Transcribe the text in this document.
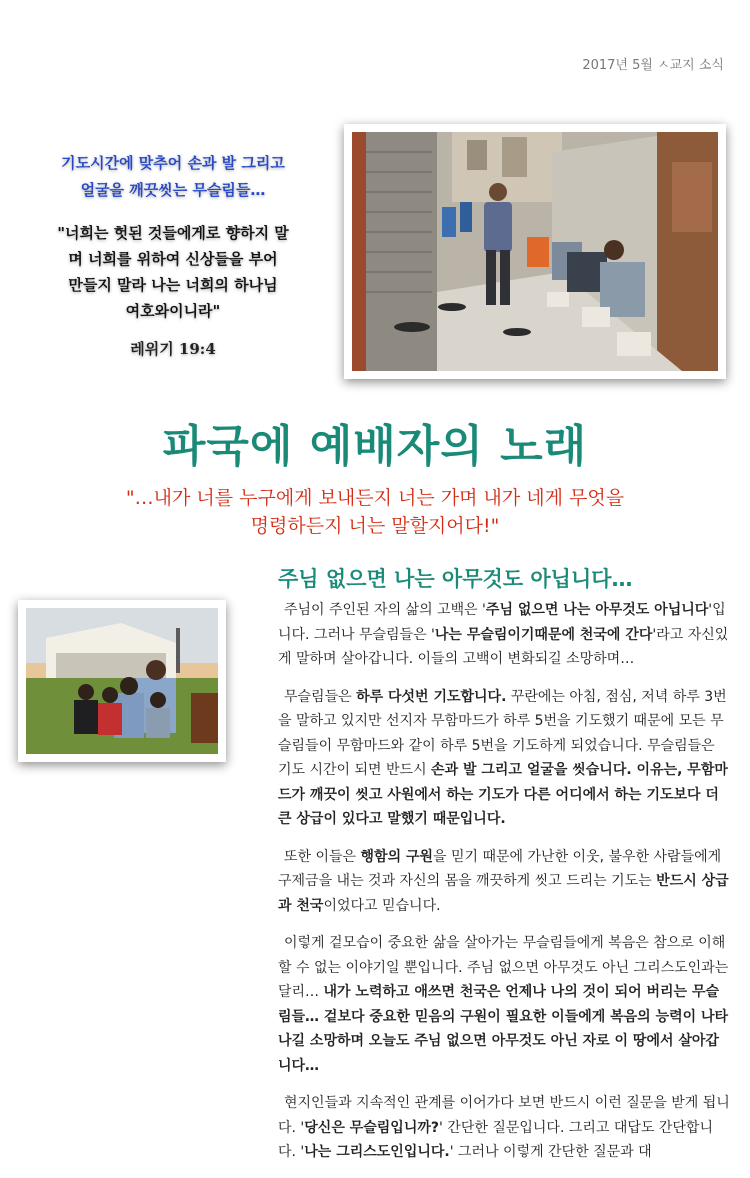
2017년 5월 ㅅ교지 소식
기도시간에 맞추어 손과 발 그리고
얼굴을 깨끗씻는 무슬림들…
"너희는 헛된 것들에게로 향하지 말
며 너희를 위하여 신상들을 부어
만들지 말라 나는 너희의 하나님
여호와이니라"
레위기 19:4
파국에 예배자의 노래
"…내가 너를 누구에게 보내든지 너는 가며 내가 네게 무엇을
명령하든지 너는 말할지어다!"
주님 없으면 나는 아무것도 아닙니다…

주님이 주인된 자의 삶의 고백은 '주님 없으면 나는 아무것도 아닙니다'입니다. 그러나 무슬림들은 '나는 무슬림이기때문에 천국에 간다'라고 자신있게 말하며 살아갑니다. 이들의 고백이 변화되길 소망하며…

무슬림들은 하루 다섯번 기도합니다. 꾸란에는 아침, 점심, 저녁 하루 3번을 말하고 있지만 선지자 무함마드가 하루 5번을 기도했기 때문에 모든 무슬림들이 무함마드와 같이 하루 5번을 기도하게 되었습니다. 무슬림들은 기도 시간이 되면 반드시 손과 발 그리고 얼굴을 씻습니다. 이유는, 무함마드가 깨끗이 씻고 사원에서 하는 기도가 다른 어디에서 하는 기도보다 더 큰 상급이 있다고 말했기 때문입니다.

또한 이들은 행함의 구원을 믿기 때문에 가난한 이웃, 불우한 사람들에게 구제금을 내는 것과 자신의 몸을 깨끗하게 씻고 드리는 기도는 반드시 상급과 천국이었다고 믿습니다.

이렇게 겉모습이 중요한 삶을 살아가는 무슬림들에게 복음은 참으로 이해할 수 없는 이야기일 뿐입니다. 주님 없으면 아무것도 아닌 그리스도인과는 달리… 내가 노력하고 애쓰면 천국은 언제나 나의 것이 되어 버리는 무슬림들… 겉보다 중요한 믿음의 구원이 필요한 이들에게 복음의 능력이 나타나길 소망하며 오늘도 주님 없으면 아무것도 아닌 자로 이 땅에서 살아갑니다…

현지인들과 지속적인 관계를 이어가다 보면 반드시 이런 질문을 받게 됩니다. '당신은 무슬림입니까?' 간단한 질문입니다. 그리고 대답도 간단합니다. '나는 그리스도인입니다.' 그러나 이렇게 간단한 질문과 대
